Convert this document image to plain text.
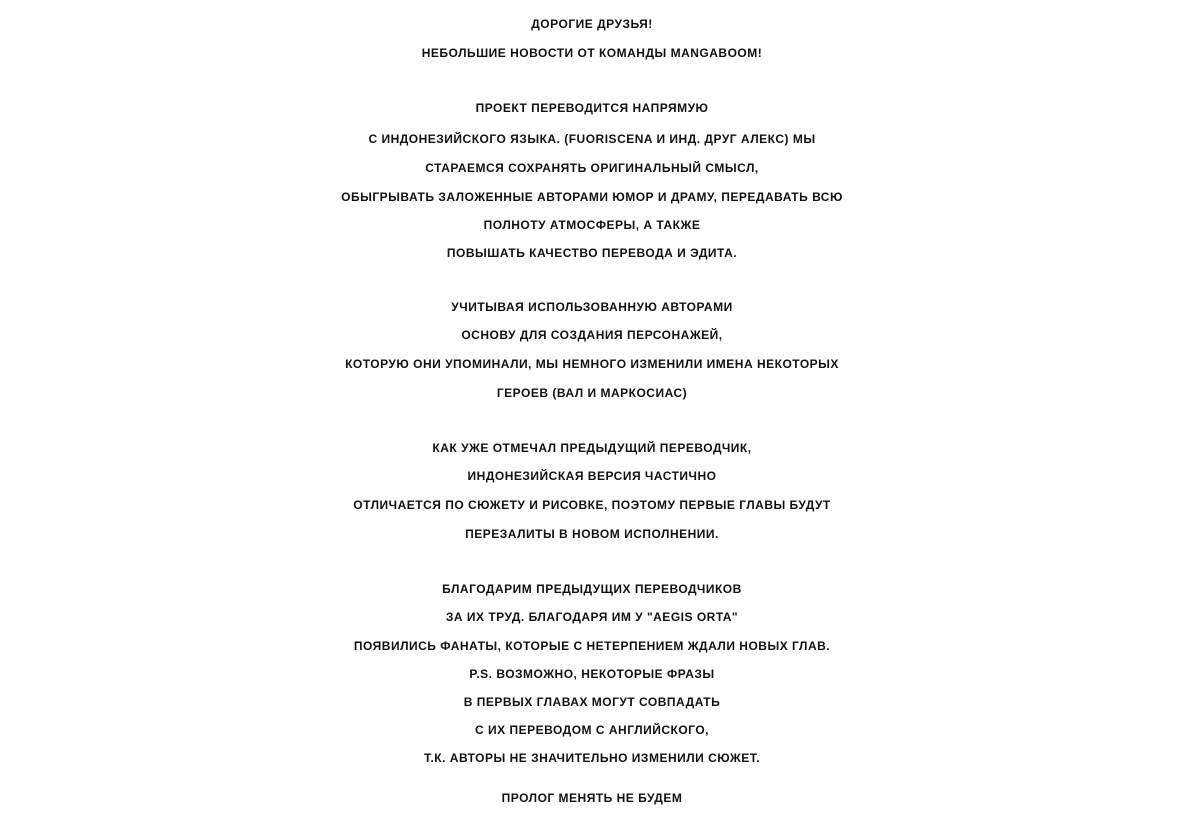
ДОРОГИЕ ДРУЗЬЯ!
НЕБОЛЬШИЕ НОВОСТИ ОТ КОМАНДЫ MANGABOOM!
ПРОЕКТ ПЕРЕВОДИТСЯ НАПРЯМУЮ
С ИНДОНЕЗИЙСКОГО ЯЗЫКА. (FUORISCENA И ИНД. ДРУГ АЛЕКС) МЫ
СТАРАЕМСЯ СОХРАНЯТЬ ОРИГИНАЛЬНЫЙ СМЫСЛ,
ОБЫГРЫВАТЬ ЗАЛОЖЕННЫЕ АВТОРАМИ ЮМОР И ДРАМУ, ПЕРЕДАВАТЬ ВСЮ
ПОЛНОТУ АТМОСФЕРЫ, А ТАКЖЕ
ПОВЫШАТЬ КАЧЕСТВО ПЕРЕВОДА И ЭДИТА.
УЧИТЫВАЯ ИСПОЛЬЗОВАННУЮ АВТОРАМИ
ОСНОВУ ДЛЯ СОЗДАНИЯ ПЕРСОНАЖЕЙ,
КОТОРУЮ ОНИ УПОМИНАЛИ, МЫ НЕМНОГО ИЗМЕНИЛИ ИМЕНА НЕКОТОРЫХ
ГЕРОЕВ (ВАЛ И МАРКОСИАС)
КАК УЖЕ ОТМЕЧАЛ ПРЕДЫДУЩИЙ ПЕРЕВОДЧИК,
ИНДОНЕЗИЙСКАЯ ВЕРСИЯ ЧАСТИЧНО
ОТЛИЧАЕТСЯ ПО СЮЖЕТУ И РИСОВКЕ, ПОЭТОМУ ПЕРВЫЕ ГЛАВЫ БУДУТ
ПЕРЕЗАЛИТЫ В НОВОМ ИСПОЛНЕНИИ.
БЛАГОДАРИМ ПРЕДЫДУЩИХ ПЕРЕВОДЧИКОВ
ЗА ИХ ТРУД. БЛАГОДАРЯ ИМ У "AEGIS ORTA"
ПОЯВИЛИСЬ ФАНАТЫ, КОТОРЫЕ С НЕТЕРПЕНИЕМ ЖДАЛИ НОВЫХ ГЛАВ.
P.S. ВОЗМОЖНО, НЕКОТОРЫЕ ФРАЗЫ
В ПЕРВЫХ ГЛАВАХ МОГУТ СОВПАДАТЬ
С ИХ ПЕРЕВОДОМ С АНГЛИЙСКОГО,
Т.К. АВТОРЫ НЕ ЗНАЧИТЕЛЬНО ИЗМЕНИЛИ СЮЖЕТ.
ПРОЛОГ МЕНЯТЬ НЕ БУДЕМ
